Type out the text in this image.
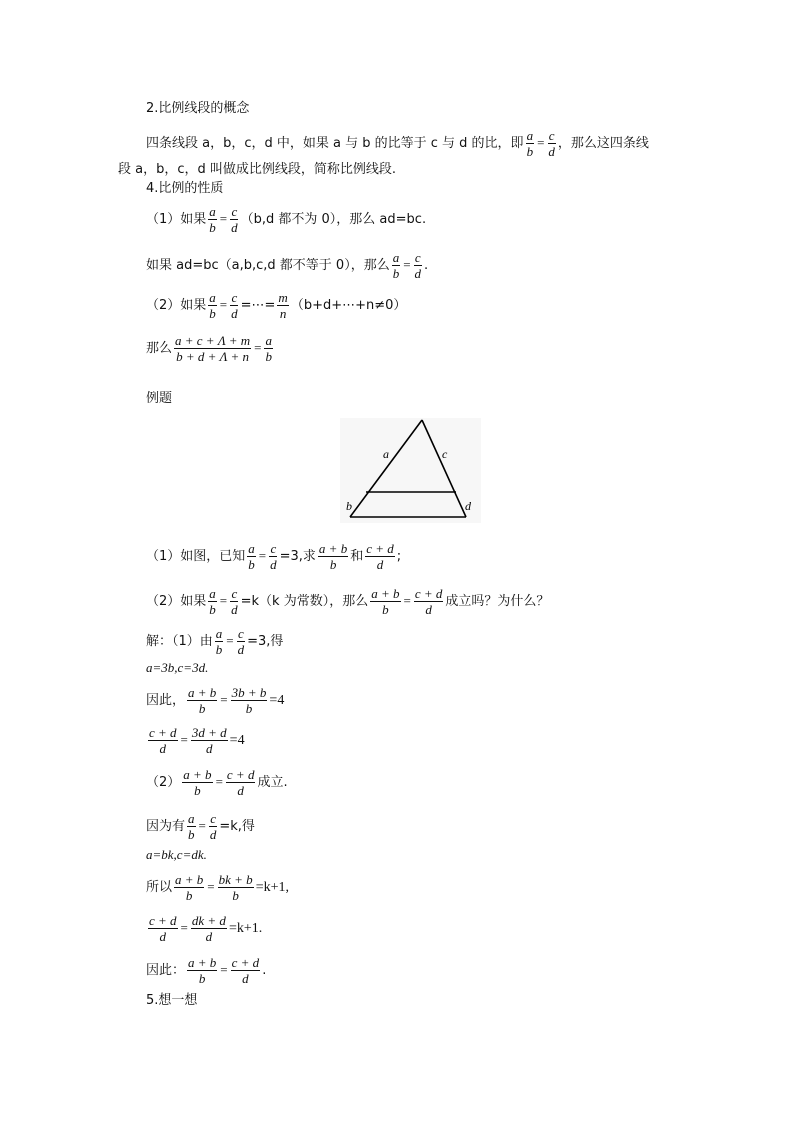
2.比例线段的概念
四条线段 a，b，c，d 中，如果 a 与 b 的比等于 c 与 d 的比，即 $\frac{a}{b} = \frac{c}{d}$ ，那么这四条线
段 a，b，c，d 叫做成比例线段，简称比例线段.
4.比例的性质
（1）如果 $\frac{a}{b} = \frac{c}{d} (b,d$ 都不为 0），那么 ad=bc.
如果 ad=bc（a,b,c,d 都不等于 0），那么 $\frac{a}{b} = \frac{c}{d}$ .
（2）如果 $\frac{a}{b} = \frac{c}{d}$ =⋯= $\frac{m}{n}$ （b+d+⋯+n≠0）
那么 $\frac{a + c + \Lambda + m}{b + d + \Lambda + n} = \frac{a}{b}$
例题
a	c
b	d
（1）如图，已知 $\frac{a}{b} = \frac{c}{d} =3$,求 $\frac{a + b}{b}$ 和 $\frac{c + d}{d}$ ;
（2）如果 $\frac{a}{b} = \frac{c}{d} =k(k$ 为常数），那么 $\frac{a + b}{b} = \frac{c + d}{d}$ 成立吗？为什么？
解：（1）由 $\frac{a}{b} = \frac{c}{d} =3$,得
a=3b,c=3d.
因此， $\frac{a + b}{b} = \frac{3b + b}{b} =4$
$\frac{c + d}{d} = \frac{3d + d}{d} =4$
$(2) \frac{a + b}{b} = \frac{c + d}{d}$ 成立.
因为有 $\frac{a}{b} = \frac{c}{d} =k$,得
a=bk,c=dk.
所以 $\frac{a + b}{b} = \frac{bk + b}{b} =k+1$,
$\frac{c + d}{d} = \frac{dk + d}{d} =k+1$.
因此： $\frac{a + b}{b} = \frac{c + d}{d}$ .
5.想一想
